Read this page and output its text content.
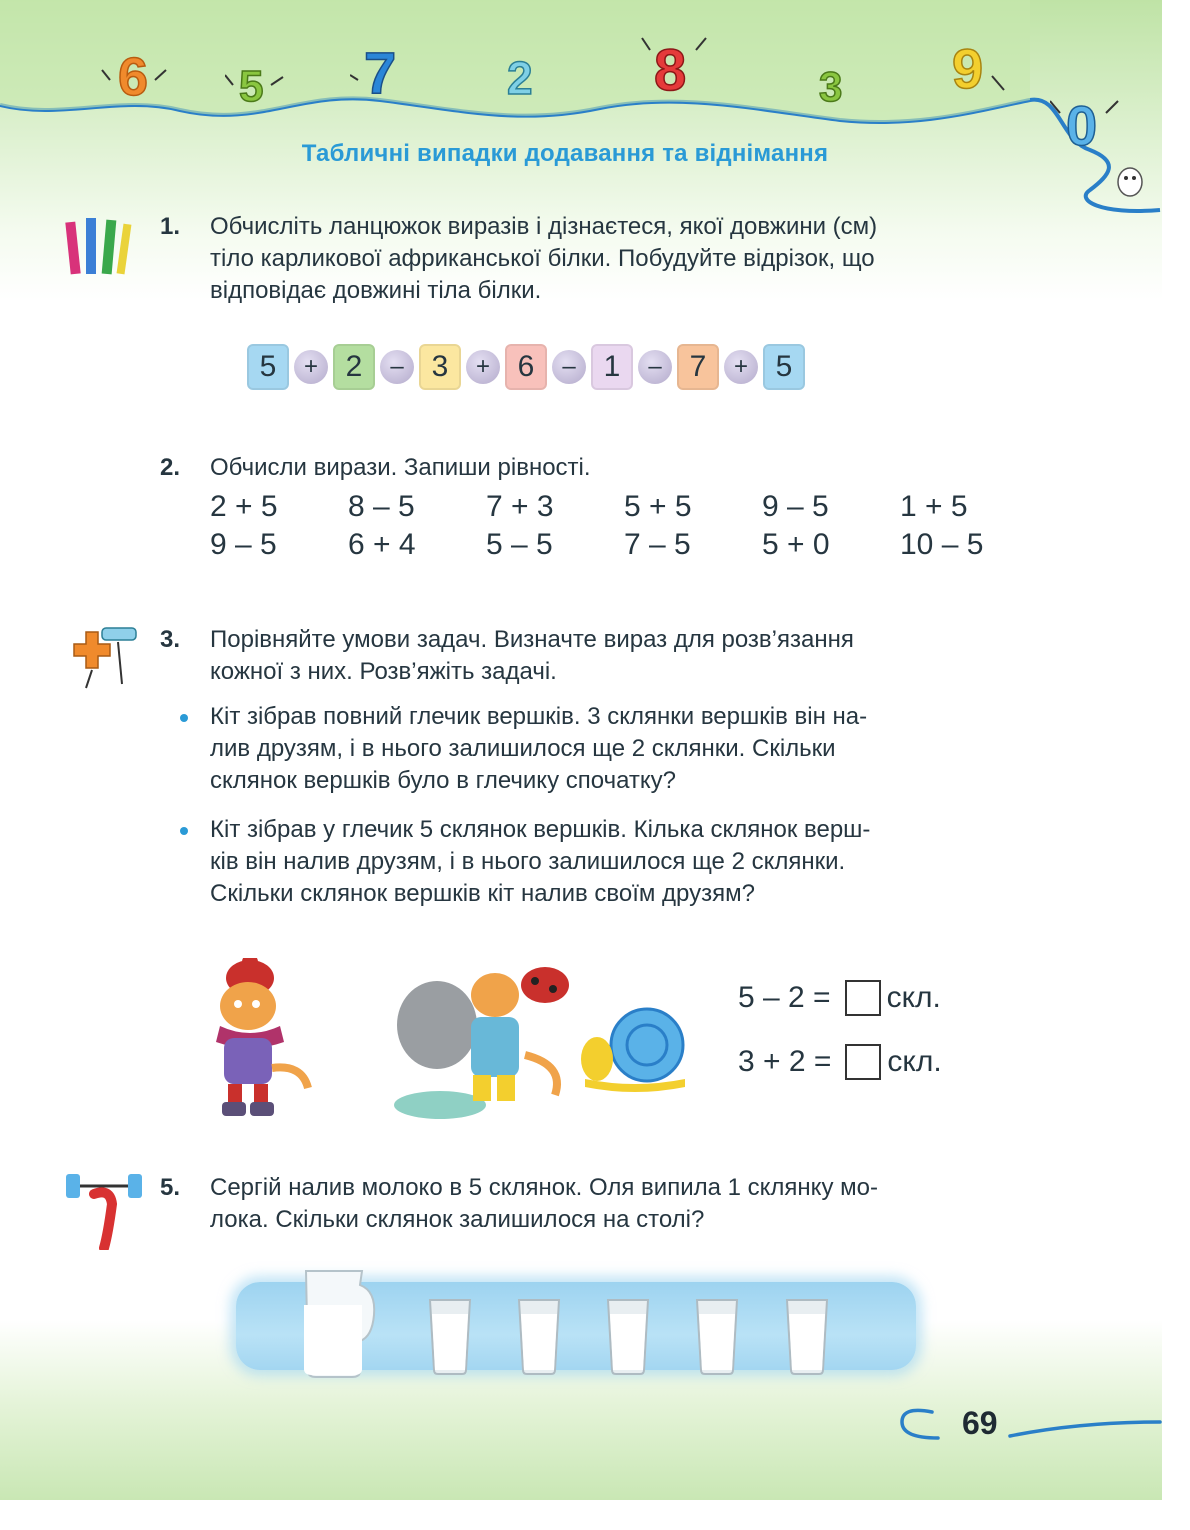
6 5 7 2 8	3 9
0
Табличні випадки додавання та віднімання
1. Обчисліть ланцюжок виразів і дізнаєтеся, якої довжини (см)
тіло карликової африканської білки. Побудуйте відрізок, що
відповідає довжині тіла білки.
5	+ 2	– 3	+ 6	– 1	– 7	+ 5
2. Обчисли вирази. Запиши рівності.
2 + 5	8 – 5	7 + 3	5 + 5	9 – 5	1 + 5
9 – 5	6 + 4	5 – 5	7 – 5	5 + 0	10 – 5
3. Порівняйте умови задач. Визначте вираз для розв’язання
кожної з них. Розв’яжіть задачі.
Кіт зібрав повний глечик вершків. 3 склянки вершків він на-
лив друзям, і в нього залишилося ще 2 склянки. Скільки
склянок вершків було в глечику спочатку?
Кіт зібрав у глечик 5 склянок вершків. Кілька склянок верш-
ків він налив друзям, і в нього залишилося ще 2 склянки.
Скільки склянок вершків кіт налив своїм друзям?
5 – 2 = скл.
3 + 2 = скл.
5. Сергій налив молоко в 5 склянок. Оля випила 1 склянку мо-
лока. Скільки склянок залишилося на столі?
69
